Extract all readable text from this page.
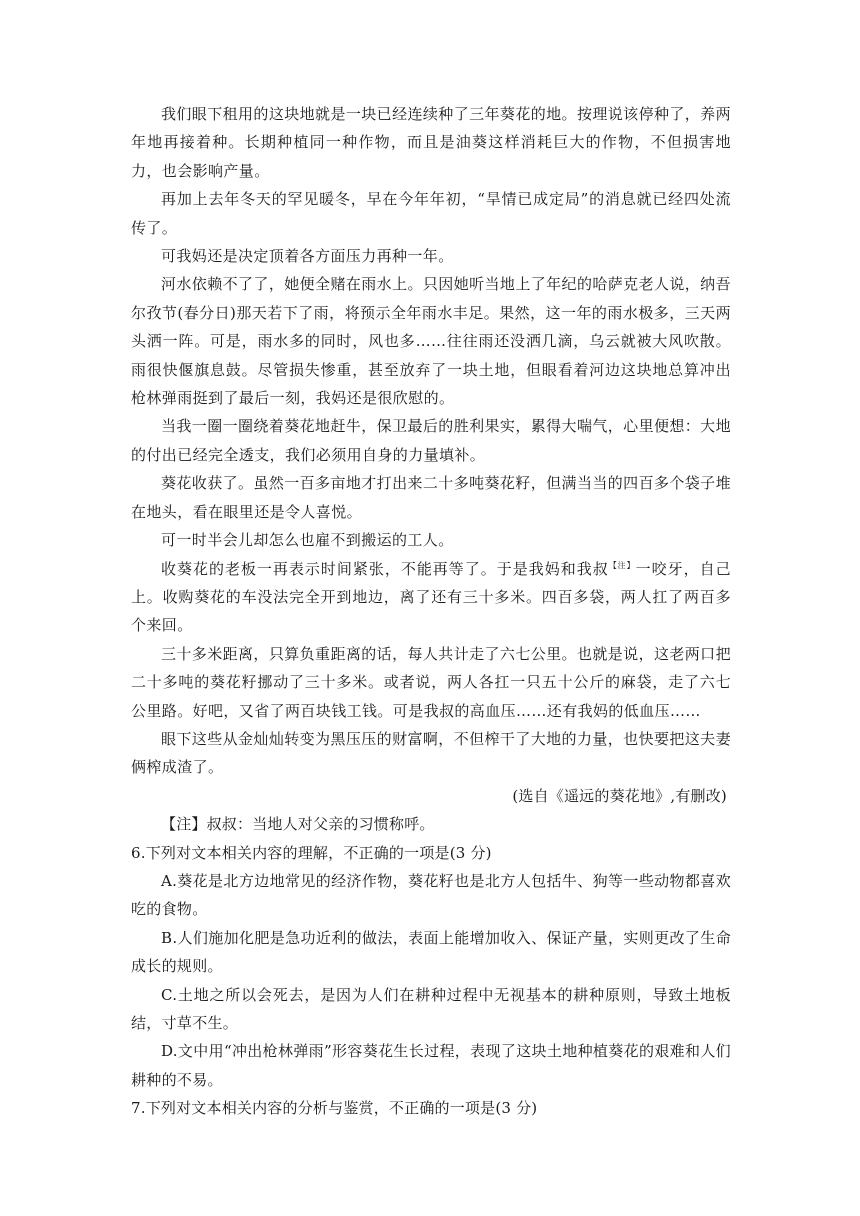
我们眼下租用的这块地就是一块已经连续种了三年葵花的地。按理说该停种了，养两年地再接着种。长期种植同一种作物，而且是油葵这样消耗巨大的作物，不但损害地力，也会影响产量。

再加上去年冬天的罕见暖冬，早在今年年初，“旱情已成定局”的消息就已经四处流传了。

可我妈还是决定顶着各方面压力再种一年。

河水依赖不了了，她便全赌在雨水上。只因她听当地上了年纪的哈萨克老人说，纳吾尔孜节(春分日)那天若下了雨，将预示全年雨水丰足。果然，这一年的雨水极多，三天两头洒一阵。可是，雨水多的同时，风也多……往往雨还没洒几滴，乌云就被大风吹散。雨很快偃旗息鼓。尽管损失惨重，甚至放弃了一块土地，但眼看着河边这块地总算冲出枪林弹雨挺到了最后一刻，我妈还是很欣慰的。

当我一圈一圈绕着葵花地赶牛，保卫最后的胜利果实，累得大喘气，心里便想：大地的付出已经完全透支，我们必须用自身的力量填补。

葵花收获了。虽然一百多亩地才打出来二十多吨葵花籽，但满当当的四百多个袋子堆在地头，看在眼里还是令人喜悦。

可一时半会儿却怎么也雇不到搬运的工人。

收葵花的老板一再表示时间紧张，不能再等了。于是我妈和我叔$^{【注】}$一咬牙，自己上。收购葵花的车没法完全开到地边，离了还有三十多米。四百多袋，两人扛了两百多个来回。

三十多米距离，只算负重距离的话，每人共计走了六七公里。也就是说，这老两口把二十多吨的葵花籽挪动了三十多米。或者说，两人各扛一只五十公斤的麻袋，走了六七公里路。好吧，又省了两百块钱工钱。可是我叔的高血压……还有我妈的低血压……

眼下这些从金灿灿转变为黑压压的财富啊，不但榨干了大地的力量，也快要把这夫妻俩榨成渣了。

(选自《遥远的葵花地》,有删改)

【注】叔叔：当地人对父亲的习惯称呼。

6.下列对文本相关内容的理解，不正确的一项是(3 分)

A.葵花是北方边地常见的经济作物，葵花籽也是北方人包括牛、狗等一些动物都喜欢吃的食物。

B.人们施加化肥是急功近利的做法，表面上能增加收入、保证产量，实则更改了生命成长的规则。

C.土地之所以会死去，是因为人们在耕种过程中无视基本的耕种原则，导致土地板结，寸草不生。

D.文中用“冲出枪林弹雨”形容葵花生长过程，表现了这块土地种植葵花的艰难和人们耕种的不易。

7.下列对文本相关内容的分析与鉴赏，不正确的一项是(3 分)
